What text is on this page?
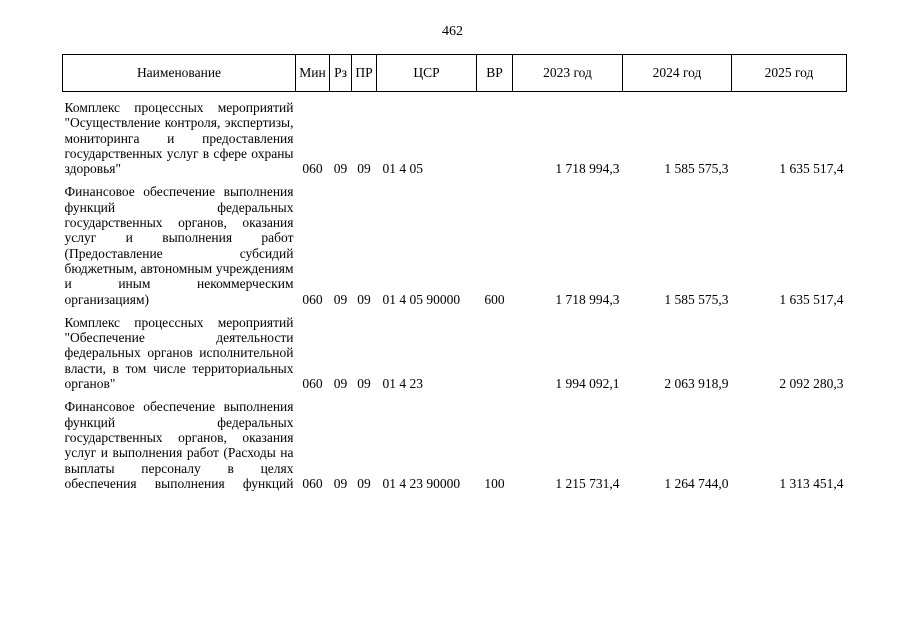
462
Наименование	Мин	Рз	ПР	ЦСР	ВР	2023 год	2024 год	2025 год

Комплекс процессных мероприятий "Осуществление контроля, экспертизы, мониторинга и предоставления государственных услуг в сфере охраны здоровья"	060	09	09	01 4 05		1 718 994,3	1 585 575,3	1 635 517,4

Финансовое обеспечение выполнения функций федеральных государственных органов, оказания услуг и выполнения работ (Предоставление субсидий бюджетным, автономным учреждениям и иным некоммерческим организациям)	060	09	09	01 4 05 90000	600	1 718 994,3	1 585 575,3	1 635 517,4

Комплекс процессных мероприятий "Обеспечение деятельности федеральных органов исполнительной власти, в том числе территориальных органов"	060	09	09	01 4 23		1 994 092,1	2 063 918,9	2 092 280,3

Финансовое обеспечение выполнения функций федеральных государственных органов, оказания услуг и выполнения работ (Расходы на выплаты персоналу в целях обеспечения выполнения функций	060	09	09	01 4 23 90000	100	1 215 731,4	1 264 744,0	1 313 451,4
